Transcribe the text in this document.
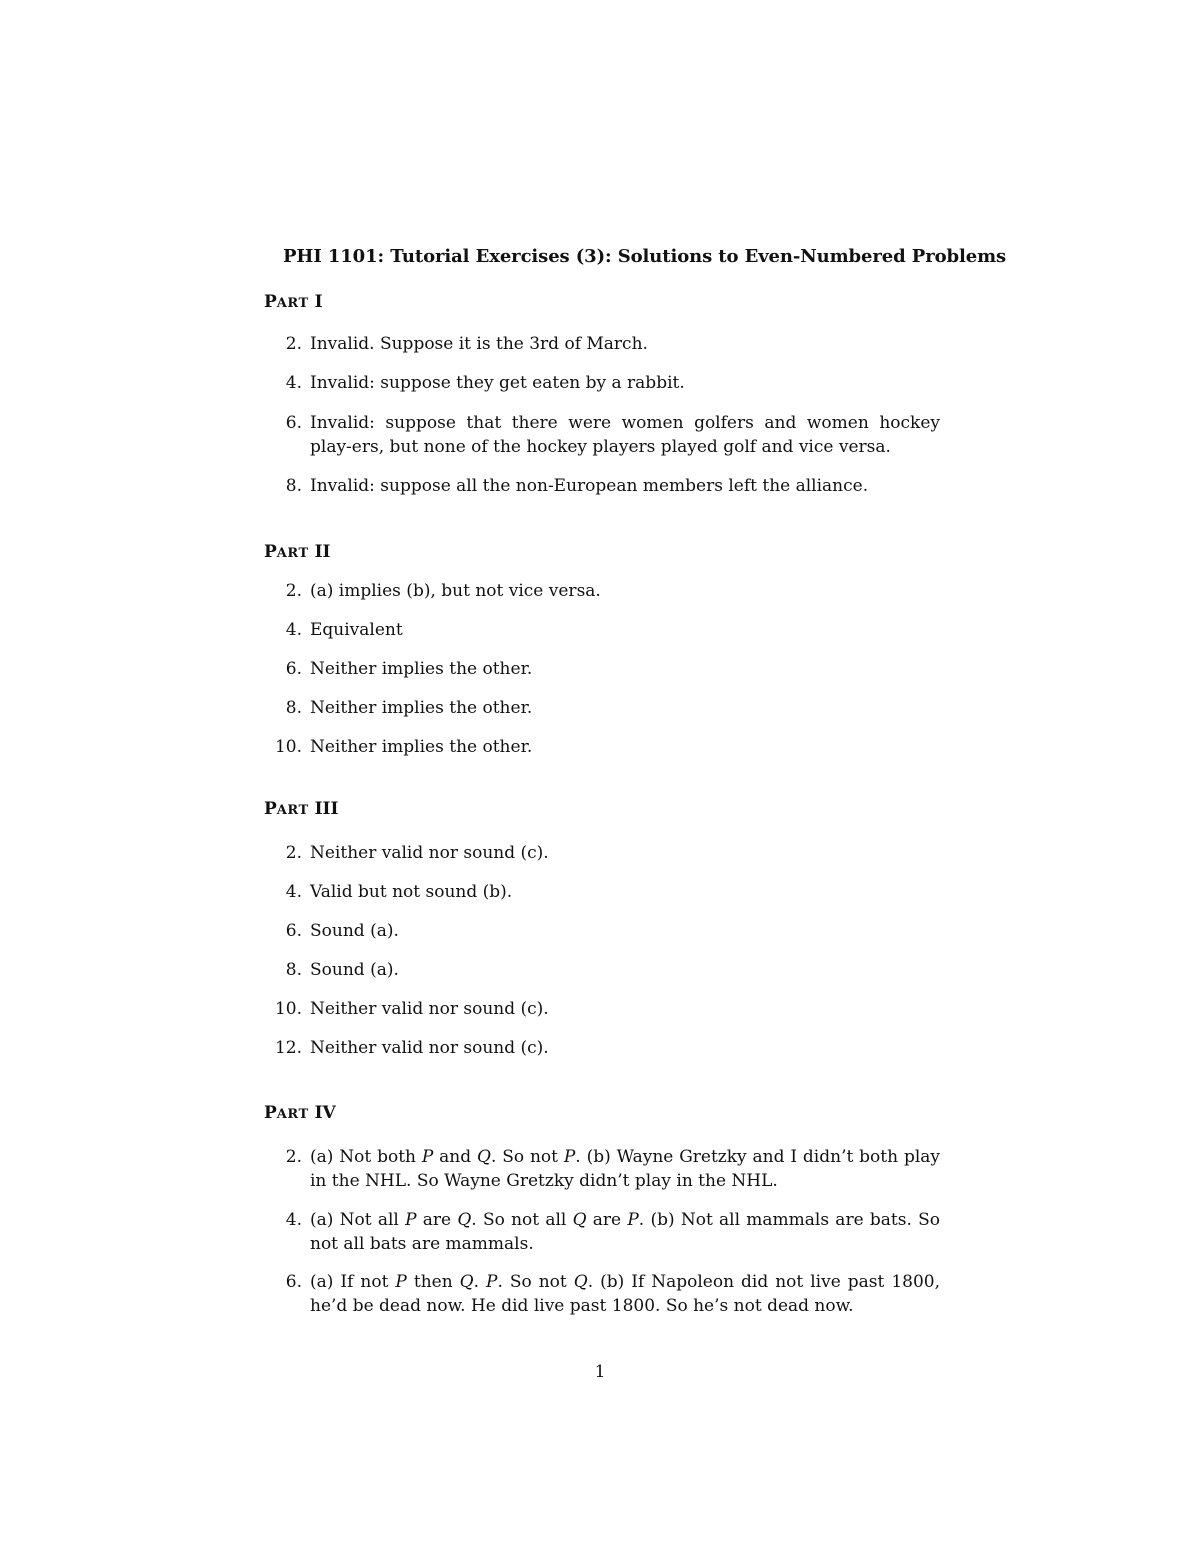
PHI 1101: Tutorial Exercises (3): Solutions to Even-Numbered Problems
PART I
2. Invalid. Suppose it is the 3rd of March.
4. Invalid: suppose they get eaten by a rabbit.
6. Invalid: suppose that there were women golfers and women hockey play-ers, but none of the hockey players played golf and vice versa.
8. Invalid: suppose all the non-European members left the alliance.
PART II
2. (a) implies (b), but not vice versa.
4. Equivalent
6. Neither implies the other.
8. Neither implies the other.
10. Neither implies the other.
PART III
2. Neither valid nor sound (c).
4. Valid but not sound (b).
6. Sound (a).
8. Sound (a).
10. Neither valid nor sound (c).
12. Neither valid nor sound (c).
PART IV
2. (a) Not both P and Q. So not P. (b) Wayne Gretzky and I didn’t both play in the NHL. So Wayne Gretzky didn’t play in the NHL.
4. (a) Not all P are Q. So not all Q are P. (b) Not all mammals are bats. So not all bats are mammals.
6. (a) If not P then Q. P. So not Q. (b) If Napoleon did not live past 1800, he’d be dead now. He did live past 1800. So he’s not dead now.
1
